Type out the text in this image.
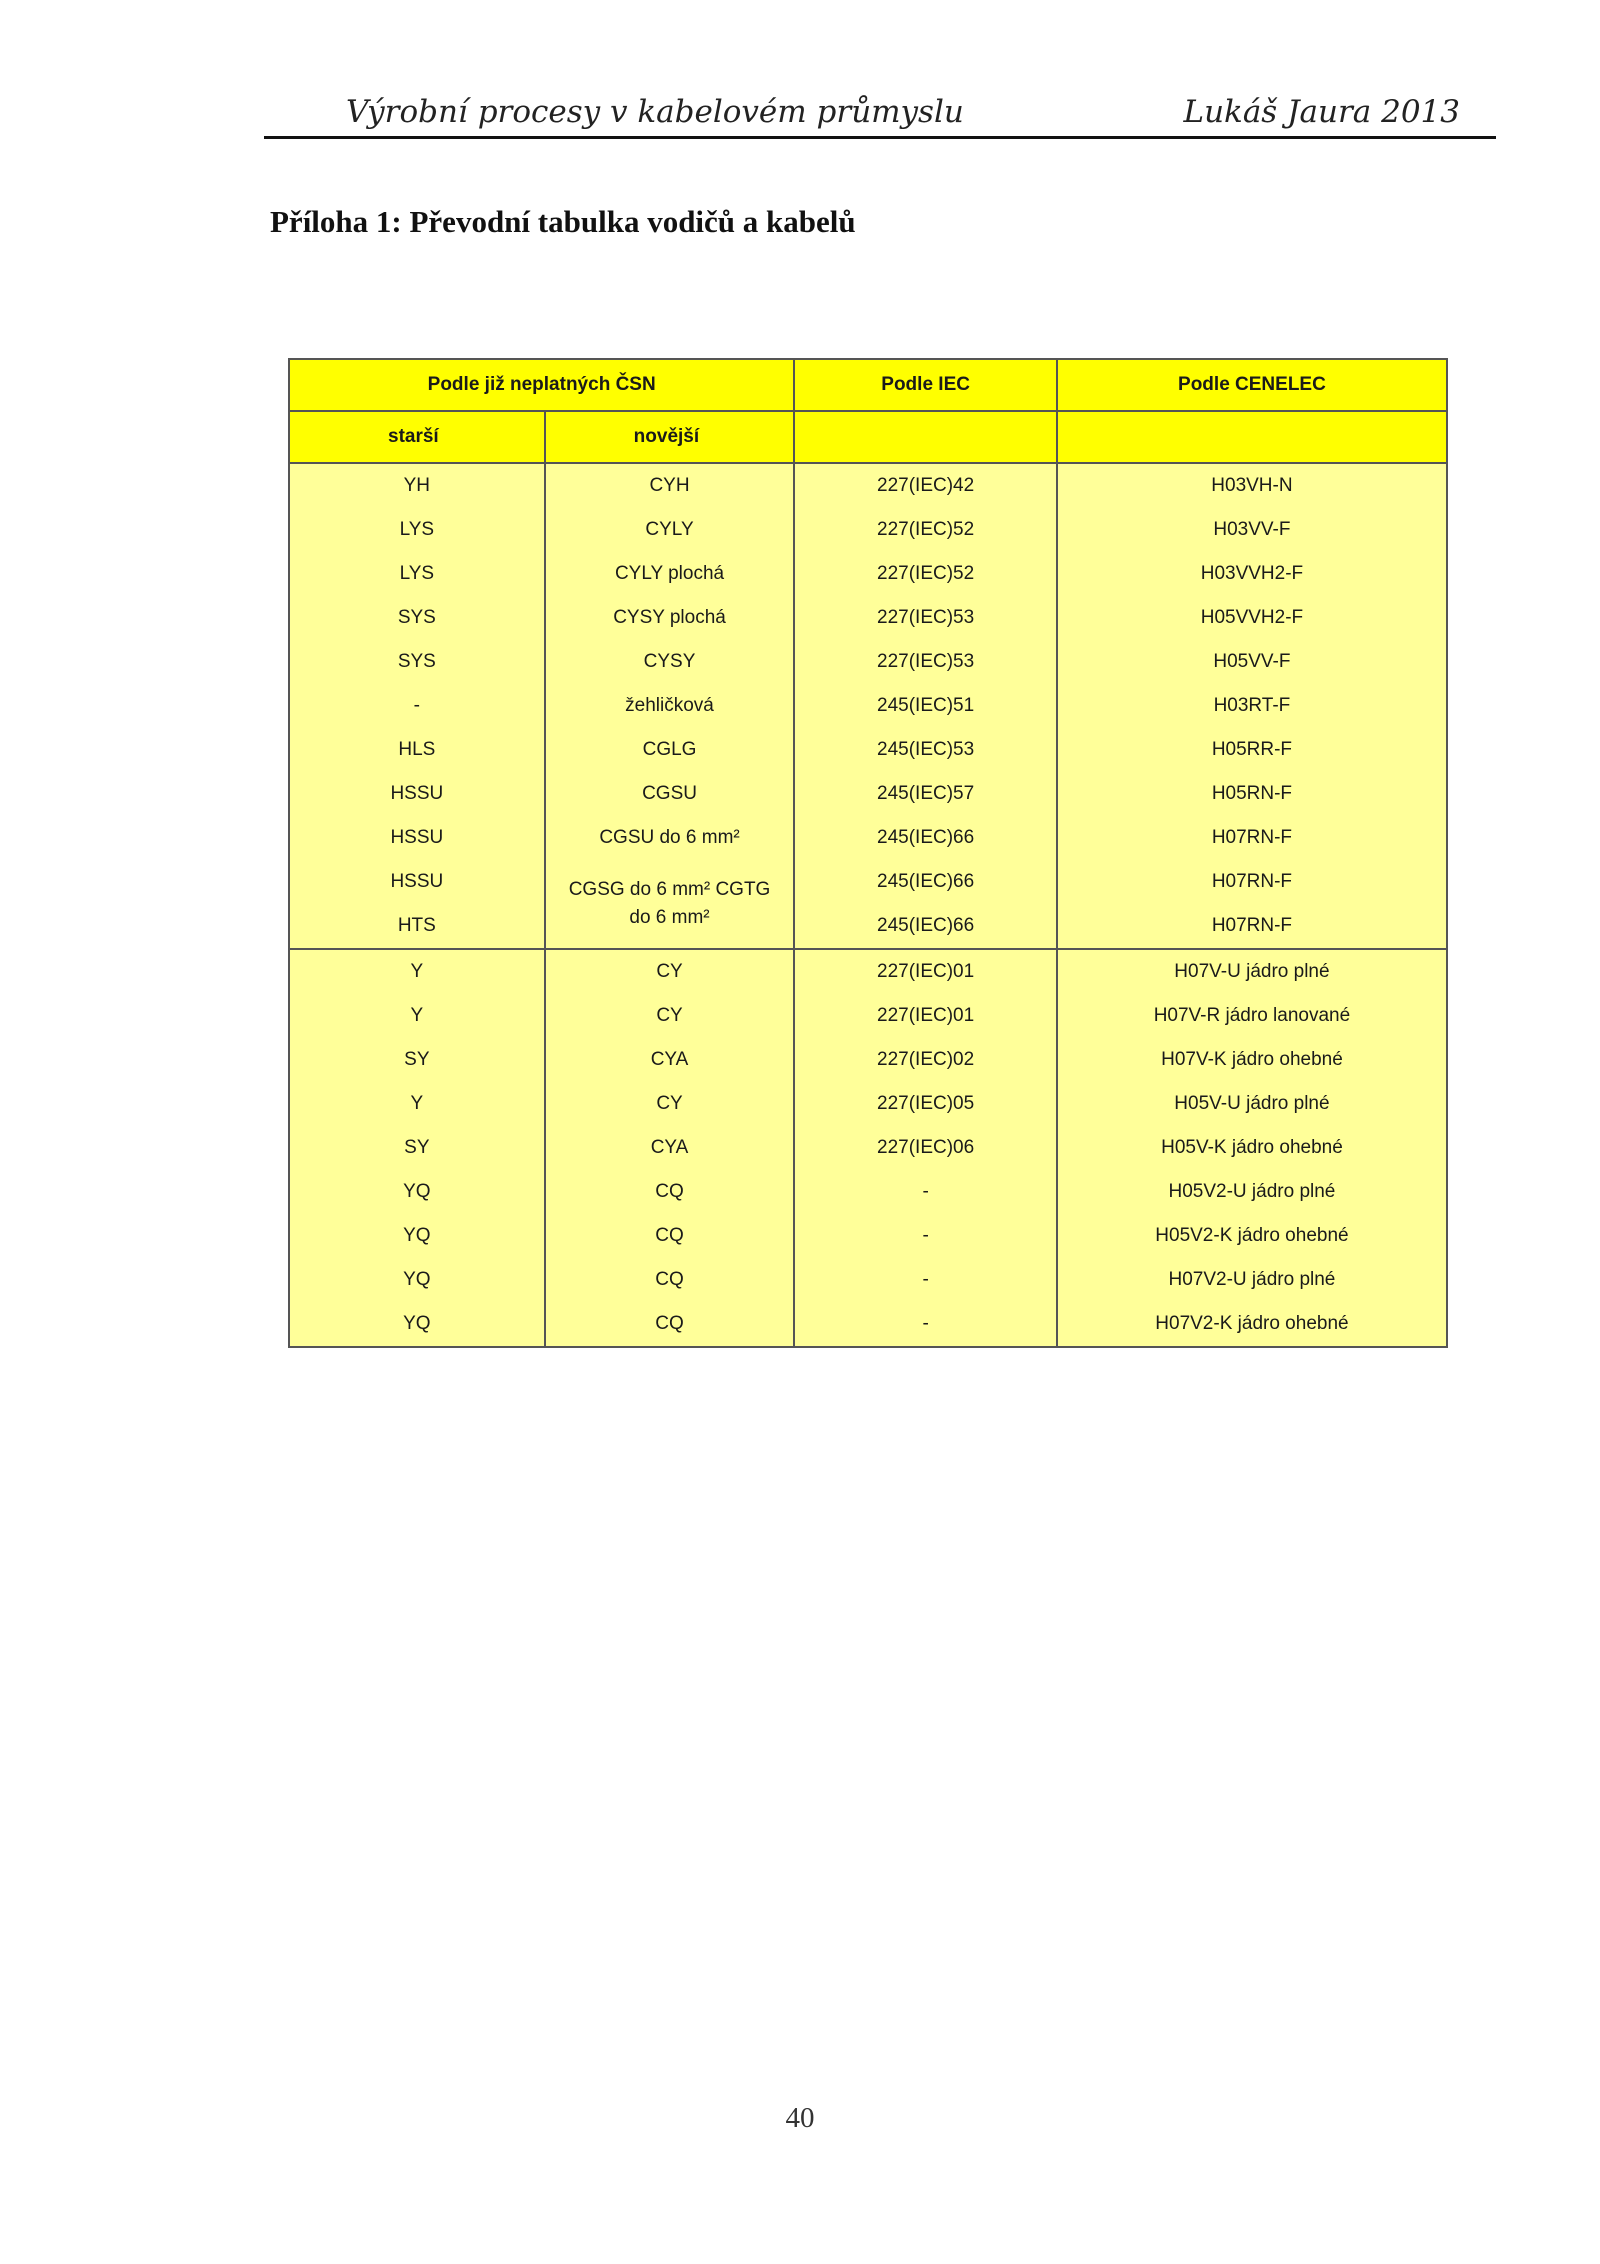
Výrobní procesy v kabelovém průmyslu	Lukáš Jaura 2013
Příloha 1: Převodní tabulka vodičů a kabelů
Podle již neplatných ČSN		Podle IEC	Podle CENELEC
starší	novější		
YH	CYH	227(IEC)42	H03VH-N
LYS	CYLY	227(IEC)52	H03VV-F
LYS	CYLY plochá	227(IEC)52	H03VVH2-F
SYS	CYSY plochá	227(IEC)53	H05VVH2-F
SYS	CYSY	227(IEC)53	H05VV-F
-	žehličková	245(IEC)51	H03RT-F
HLS	CGLG	245(IEC)53	H05RR-F
HSSU	CGSU	245(IEC)57	H05RN-F
HSSU	CGSU do 6 mm²	245(IEC)66	H07RN-F
HSSU	CGSG do 6 mm² CGTG do 6 mm²	245(IEC)66	H07RN-F
HTS		245(IEC)66	H07RN-F
Y	CY	227(IEC)01	H07V-U jádro plné
Y	CY	227(IEC)01	H07V-R jádro lanované
SY	CYA	227(IEC)02	H07V-K jádro ohebné
Y	CY	227(IEC)05	H05V-U jádro plné
SY	CYA	227(IEC)06	H05V-K jádro ohebné
YQ	CQ	-	H05V2-U jádro plné
YQ	CQ	-	H05V2-K jádro ohebné
YQ	CQ	-	H07V2-U jádro plné
YQ	CQ	-	H07V2-K jádro ohebné
40
